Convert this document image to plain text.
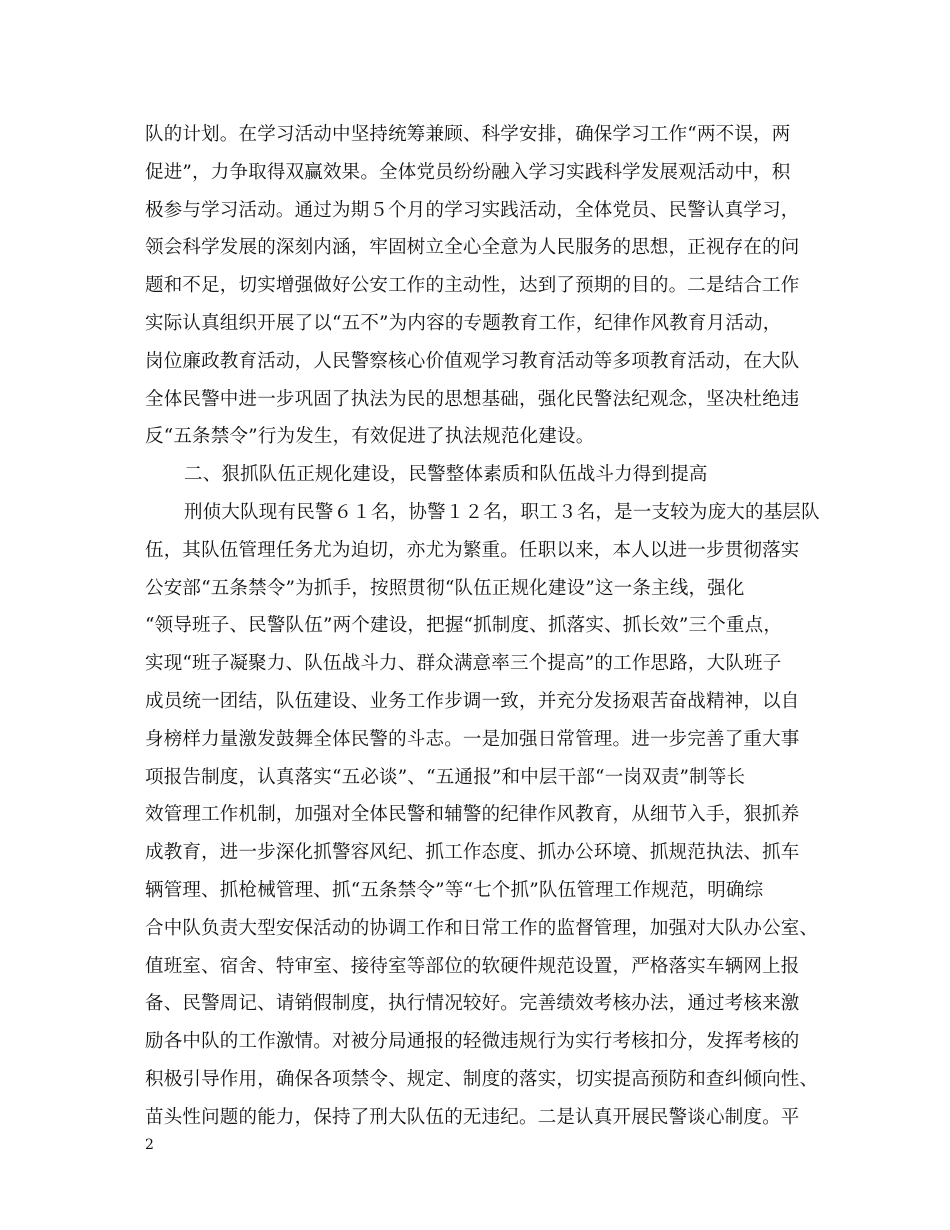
队的计划。在学习活动中坚持统筹兼顾、科学安排，确保学习工作“两不误，两
促进”，力争取得双赢效果。全体党员纷纷融入学习实践科学发展观活动中，积
极参与学习活动。通过为期５个月的学习实践活动，全体党员、民警认真学习，
领会科学发展的深刻内涵，牢固树立全心全意为人民服务的思想，正视存在的问
题和不足，切实增强做好公安工作的主动性，达到了预期的目的。二是结合工作
实际认真组织开展了以“五不”为内容的专题教育工作，纪律作风教育月活动，
岗位廉政教育活动，人民警察核心价值观学习教育活动等多项教育活动，在大队
全体民警中进一步巩固了执法为民的思想基础，强化民警法纪观念，坚决杜绝违
反“五条禁令”行为发生，有效促进了执法规范化建设。
二、狠抓队伍正规化建设，民警整体素质和队伍战斗力得到提高
刑侦大队现有民警６１名，协警１２名，职工３名，是一支较为庞大的基层队
伍，其队伍管理任务尤为迫切，亦尤为繁重。任职以来，本人以进一步贯彻落实
公安部“五条禁令”为抓手，按照贯彻“队伍正规化建设”这一条主线，强化
“领导班子、民警队伍”两个建设，把握“抓制度、抓落实、抓长效”三个重点，
实现“班子凝聚力、队伍战斗力、群众满意率三个提高”的工作思路，大队班子
成员统一团结，队伍建设、业务工作步调一致，并充分发扬艰苦奋战精神，以自
身榜样力量激发鼓舞全体民警的斗志。一是加强日常管理。进一步完善了重大事
项报告制度，认真落实“五必谈”、“五通报”和中层干部“一岗双责”制等长
效管理工作机制，加强对全体民警和辅警的纪律作风教育，从细节入手，狠抓养
成教育，进一步深化抓警容风纪、抓工作态度、抓办公环境、抓规范执法、抓车
辆管理、抓枪械管理、抓“五条禁令”等“七个抓”队伍管理工作规范，明确综
合中队负责大型安保活动的协调工作和日常工作的监督管理，加强对大队办公室、
值班室、宿舍、特审室、接待室等部位的软硬件规范设置，严格落实车辆网上报
备、民警周记、请销假制度，执行情况较好。完善绩效考核办法，通过考核来激
励各中队的工作激情。对被分局通报的轻微违规行为实行考核扣分，发挥考核的
积极引导作用，确保各项禁令、规定、制度的落实，切实提高预防和查纠倾向性、
苗头性问题的能力，保持了刑大队伍的无违纪。二是认真开展民警谈心制度。平
2
